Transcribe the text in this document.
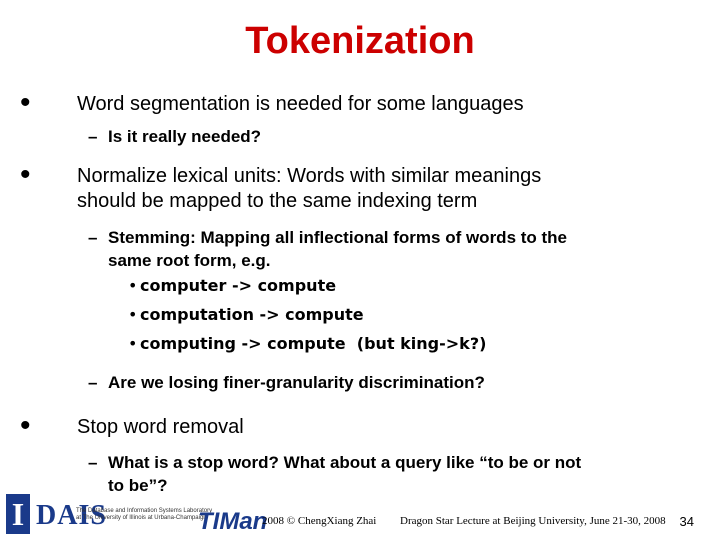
Tokenization
• Word segmentation is needed for some languages
– Is it really needed?
• Normalize lexical units: Words with similar meanings
should be mapped to the same indexing term
– Stemming: Mapping all inflectional forms of words to the
same root form, e.g.
• computer -> compute
• computation -> compute
• computing -> compute  (but king->k?)
– Are we losing finer-granularity discrimination?
• Stop word removal
– What is a stop word? What about a query like “to be or not
to be”?
I DAIS
The Database and Information Systems Laboratory
at The University of Illinois at Urbana-Champaign
TIMan
2008 © ChengXiang Zhai Dragon Star Lecture at Beijing University, June 21-30, 2008 34
